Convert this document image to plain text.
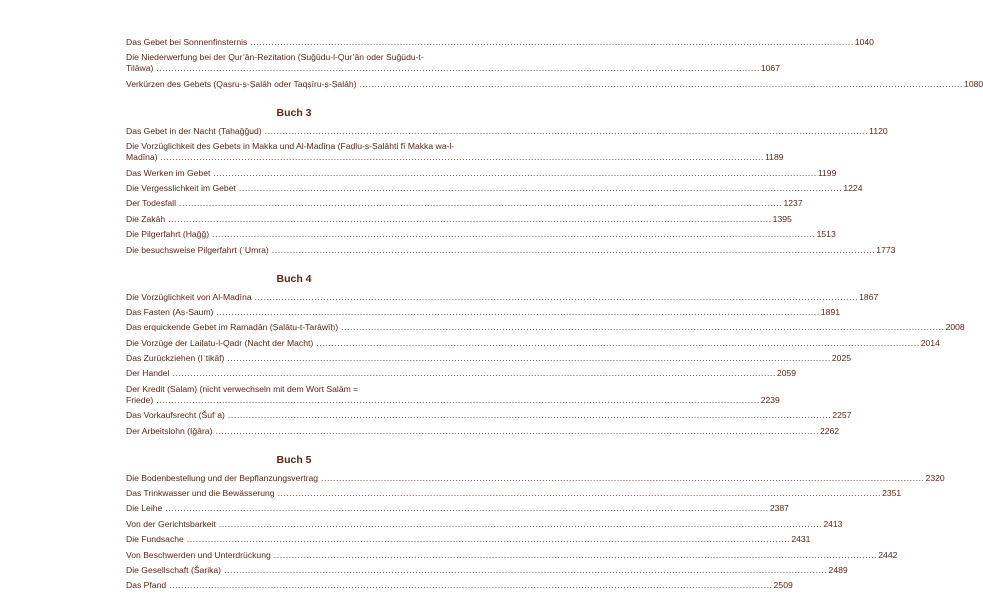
Das Gebet bei Sonnenfinsternis .....	1040
Die Niederwerfung bei der Qur’ān-Rezitation (Suǧūdu-l-Qur’ān oder Suǧūdu-t-Tilāwa) .....	1067
Verkürzen des Gebets (Qaṣru-ṣ-Ṣalāh oder Taqṣīru-ṣ-Ṣalāh) .....	1080
Buch 3
Das Gebet in der Nacht (Tahaǧǧud) .....	1120
Die Vorzüglichkeit des Gebets in Makka und Al-Madīna (Faḍlu-ṣ-Ṣalāhti fī Makka wa-l-Madīna) .....	1189
Das Werken im Gebet .....	1199
Die Vergesslichkeit im Gebet .....	1224
Der Todesfall .....	1237
Die Zakāh .....	1395
Die Pilgerfahrt (Ḥaǧǧ) .....	1513
Die besuchsweise Pilgerfahrt (ʿUmra) .....	1773
Buch 4
Die Vorzüglichkeit von Al-Madīna .....	1867
Das Fasten (Aṣ-Ṣaum) .....	1891
Das erquickende Gebet im Ramaḍān (Ṣalātu-t-Tarāwīḥ) .....	2008
Die Vorzüge der Lailatu-l-Qadr (Nacht der Macht) .....	2014
Das Zurückziehen (Iʿtikāf) .....	2025
Der Handel .....	2059
Der Kredit (Salam) (nicht verwechseln mit dem Wort Salām = Friede) .....	2239
Das Vorkaufsrecht (Šufʿa) .....	2257
Der Arbeitslohn (Iǧāra) .....	2262
Buch 5
Die Bodenbestellung und der Bepflanzungsvertrag .....	2320
Das Trinkwasser und die Bewässerung .....	2351
Die Leihe .....	2387
Von der Gerichtsbarkeit .....	2413
Die Fundsache .....	2431
Von Beschwerden und Unterdrückung .....	2442
Die Gesellschaft (Šarika) .....	2489
Das Pfand .....	2509
